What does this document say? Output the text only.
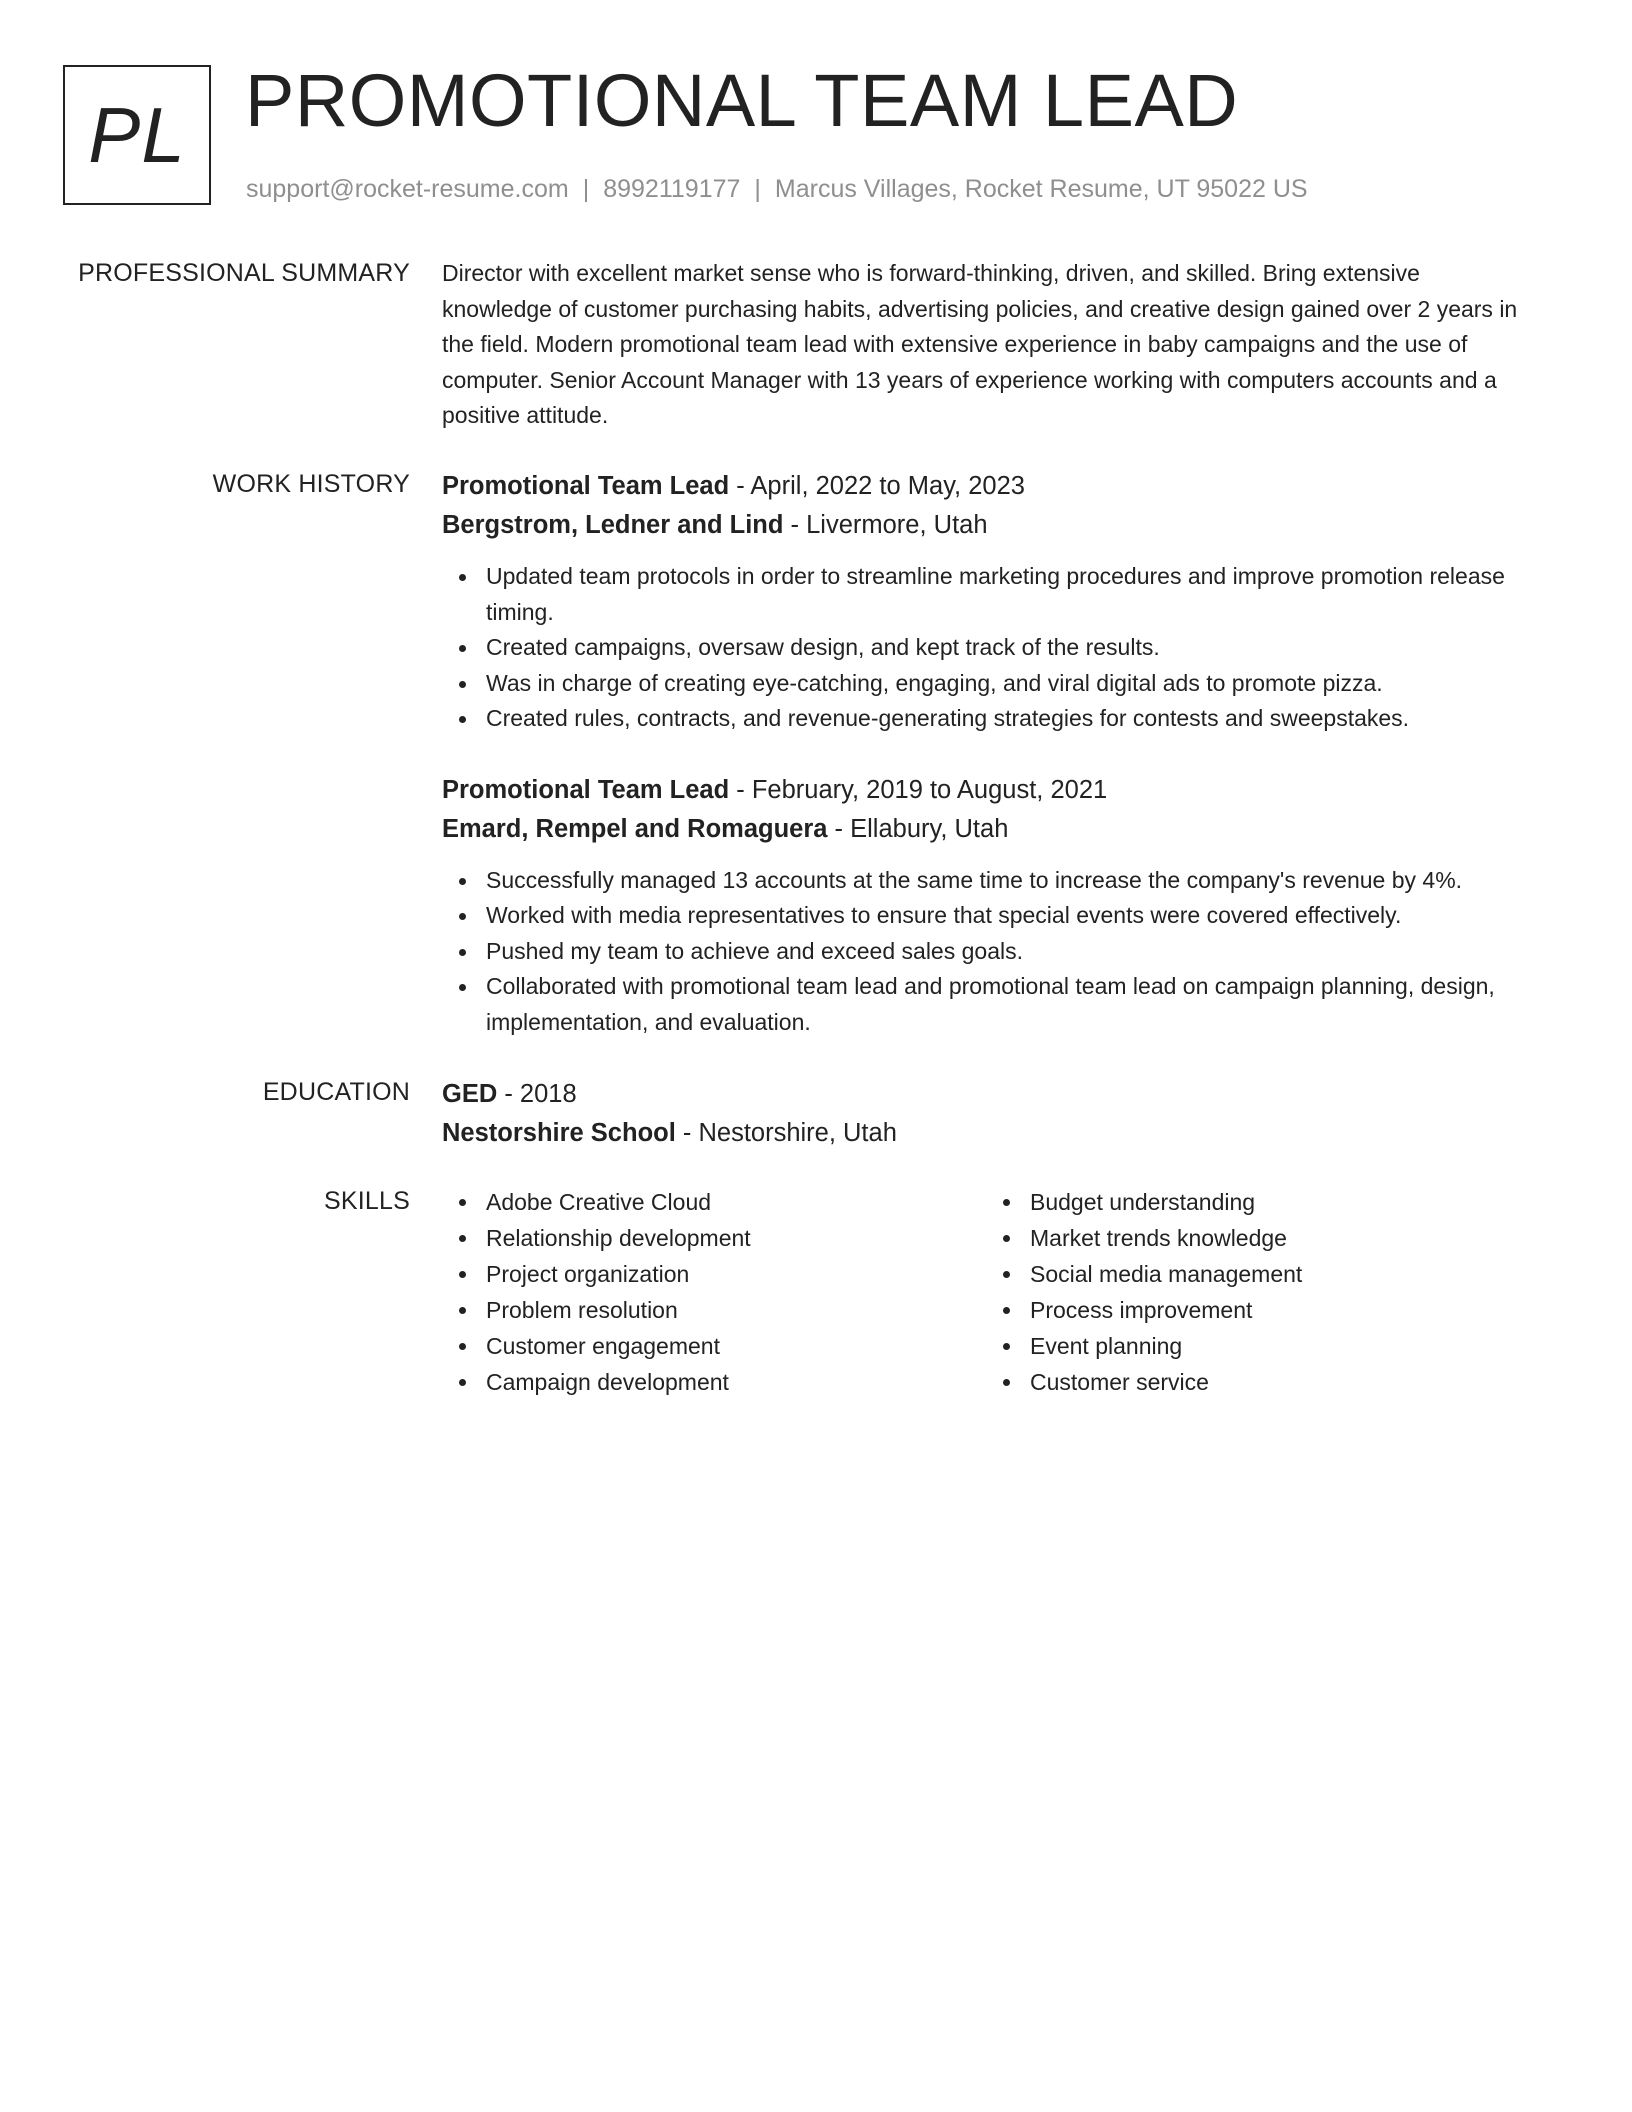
PL PROMOTIONAL TEAM LEAD
support@rocket-resume.com | 8992119177 | Marcus Villages, Rocket Resume, UT 95022 US
PROFESSIONAL SUMMARY Director with excellent market sense who is forward-thinking, driven, and skilled. Bring extensive knowledge of customer purchasing habits, advertising policies, and creative design gained over 2 years in the field. Modern promotional team lead with extensive experience in baby campaigns and the use of computer. Senior Account Manager with 13 years of experience working with computers accounts and a positive attitude.

WORK HISTORY Promotional Team Lead - April, 2022 to May, 2023
Bergstrom, Ledner and Lind - Livermore, Utah
Updated team protocols in order to streamline marketing procedures and improve promotion release timing.
Created campaigns, oversaw design, and kept track of the results.
Was in charge of creating eye-catching, engaging, and viral digital ads to promote pizza.
Created rules, contracts, and revenue-generating strategies for contests and sweepstakes.
Promotional Team Lead - February, 2019 to August, 2021
Emard, Rempel and Romaguera - Ellabury, Utah
Successfully managed 13 accounts at the same time to increase the company's revenue by 4%.
Worked with media representatives to ensure that special events were covered effectively.
Pushed my team to achieve and exceed sales goals.
Collaborated with promotional team lead and promotional team lead on campaign planning, design, implementation, and evaluation.
EDUCATION GED - 2018
Nestorshire School - Nestorshire, Utah
SKILLS	Adobe Creative Cloud
Relationship development
Project organization
Problem resolution
Customer engagement
Campaign development
Budget understanding
Market trends knowledge
Social media management
Process improvement
Event planning
Customer service
